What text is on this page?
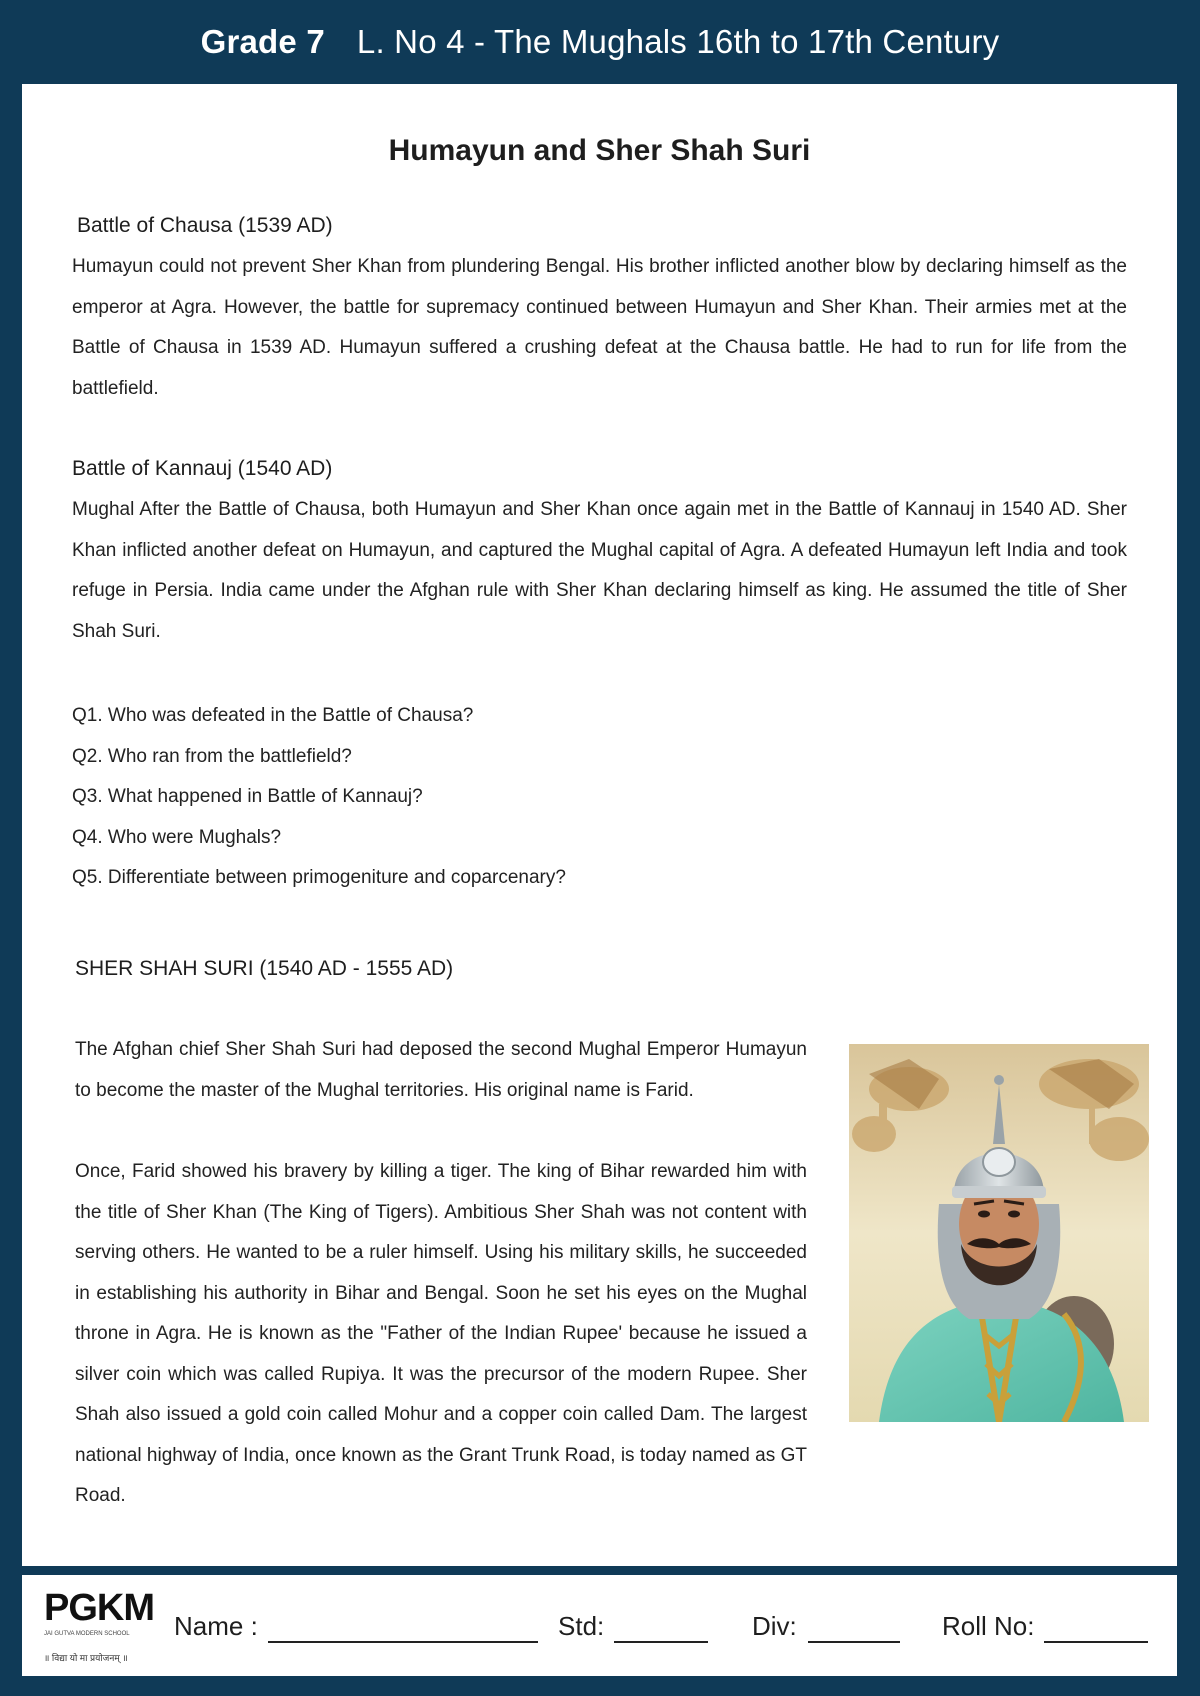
Grade 7 L. No 4 - The Mughals 16th to 17th Century
Humayun and Sher Shah Suri
Battle of Chausa (1539 AD)

Humayun could not prevent Sher Khan from plundering Bengal. His brother inflicted another blow by declaring himself as the emperor at Agra. However, the battle for supremacy continued between Humayun and Sher Khan. Their armies met at the Battle of Chausa in 1539 AD. Humayun suffered a crushing defeat at the Chausa battle. He had to run for life from the battlefield.

Battle of Kannauj (1540 AD)

Mughal After the Battle of Chausa, both Humayun and Sher Khan once again met in the Battle of Kannauj in 1540 AD. Sher Khan inflicted another defeat on Humayun, and captured the Mughal capital of Agra. A defeated Humayun left India and took refuge in Persia. India came under the Afghan rule with Sher Khan declaring himself as king. He assumed the title of Sher Shah Suri.

Q1. Who was defeated in the Battle of Chausa?
Q2. Who ran from the battlefield?
Q3. What happened in Battle of Kannauj?
Q4. Who were Mughals?
Q5. Differentiate between primogeniture and coparcenary?
SHER SHAH SURI (1540 AD - 1555 AD)

The Afghan chief Sher Shah Suri had deposed the second Mughal Emperor Humayun to become the master of the Mughal territories. His original name is Farid.

Once, Farid showed his bravery by killing a tiger. The king of Bihar rewarded him with the title of Sher Khan (The King of Tigers). Ambitious Sher Shah was not content with serving others. He wanted to be a ruler himself. Using his military skills, he succeeded in establishing his authority in Bihar and Bengal. Soon he set his eyes on the Mughal throne in Agra. He is known as the "Father of the Indian Rupee' because he issued a silver coin which was called Rupiya. It was the precursor of the modern Rupee. Sher Shah also issued a gold coin called Mohur and a copper coin called Dam. The largest national highway of India, once known as the Grant Trunk Road, is today named as GT Road.

PGKM
JAI GUTVA MODERN SCHOOL
॥ विद्या यो मा प्रयोजनम् ॥
Name :	Std:	Div:	Roll No:
